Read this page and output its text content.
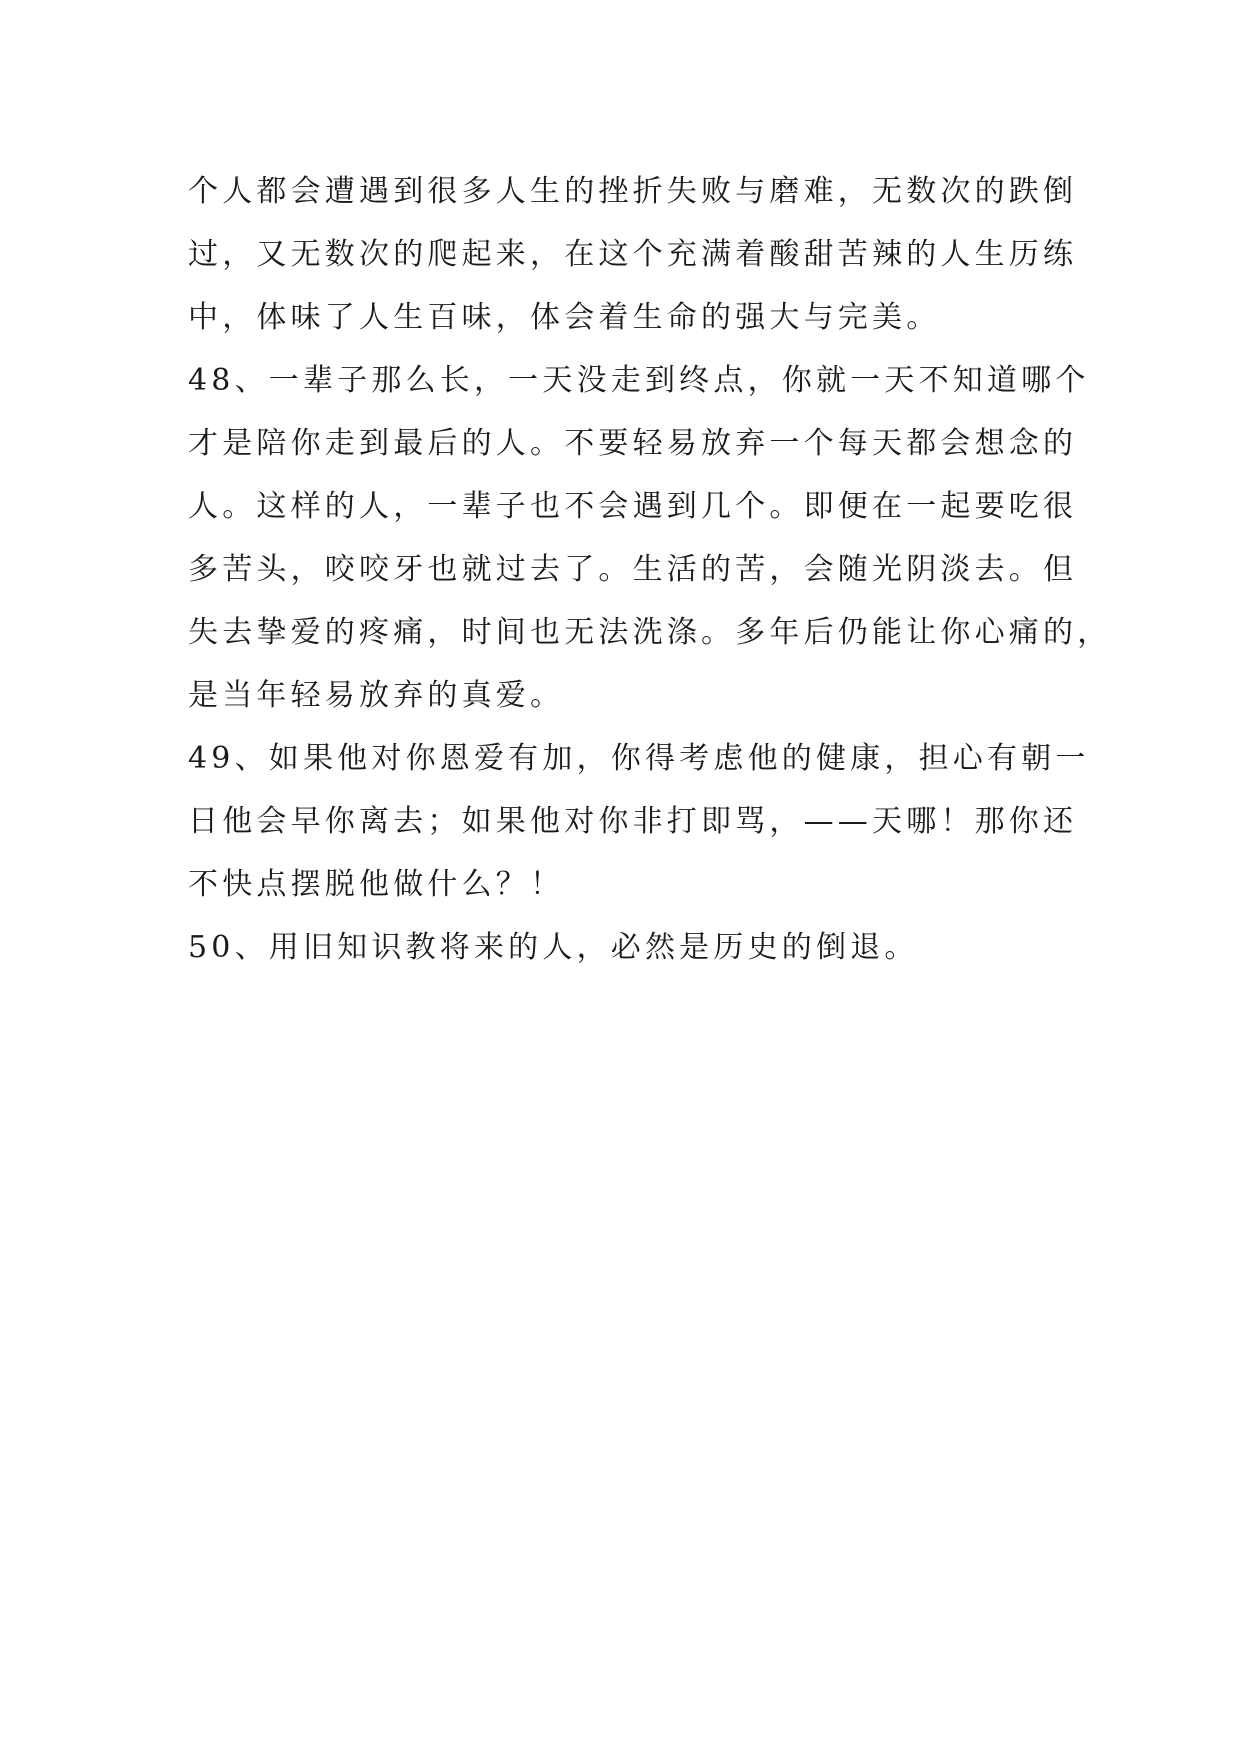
个人都会遭遇到很多人生的挫折失败与磨难，无数次的跌倒
过，又无数次的爬起来，在这个充满着酸甜苦辣的人生历练
中，体味了人生百味，体会着生命的强大与完美。
48、一辈子那么长，一天没走到终点，你就一天不知道哪个
才是陪你走到最后的人。不要轻易放弃一个每天都会想念的
人。这样的人，一辈子也不会遇到几个。即便在一起要吃很
多苦头，咬咬牙也就过去了。生活的苦，会随光阴淡去。但
失去挚爱的疼痛，时间也无法洗涤。多年后仍能让你心痛的，
是当年轻易放弃的真爱。
49、如果他对你恩爱有加，你得考虑他的健康，担心有朝一
日他会早你离去；如果他对你非打即骂，——天哪！那你还
不快点摆脱他做什么？！
50、用旧知识教将来的人，必然是历史的倒退。
